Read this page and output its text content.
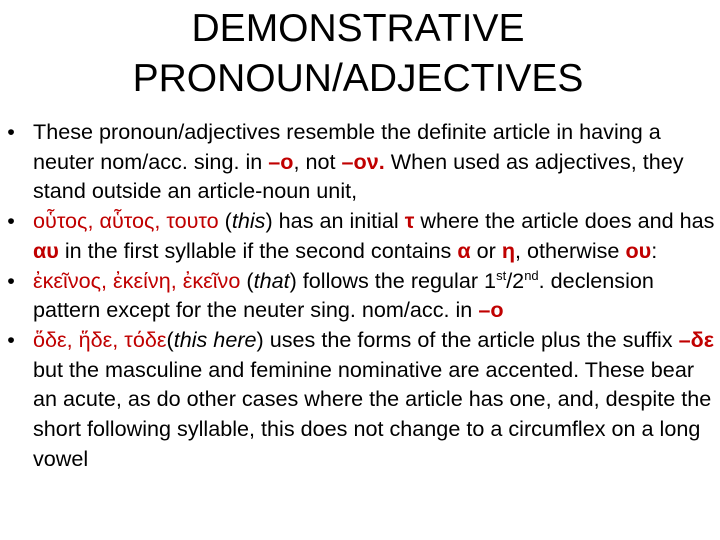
DEMONSTRATIVE
PRONOUN/ADJECTIVES
• These pronoun/adjectives resemble the definite article in having a neuter nom/acc. sing. in –ο, not –ον. When used as adjectives, they stand outside an article-noun unit,
• οὗτος, αὗτος, τουτο (this) has an initial τ where the article does and has αυ in the first syllable if the second contains α or η, otherwise ου:
• ἐκεῖνος, ἐκείνη, ἐκεῖνο (that) follows the regular 1st/2nd. declension pattern except for the neuter sing. nom/acc. in –ο
• ὅδε, ἥδε, τόδε(this here) uses the forms of the article plus the suffix –δε but the masculine and feminine nominative are accented. These bear an acute, as do other cases where the article has one, and, despite the short following syllable, this does not change to a circumflex on a long vowel
